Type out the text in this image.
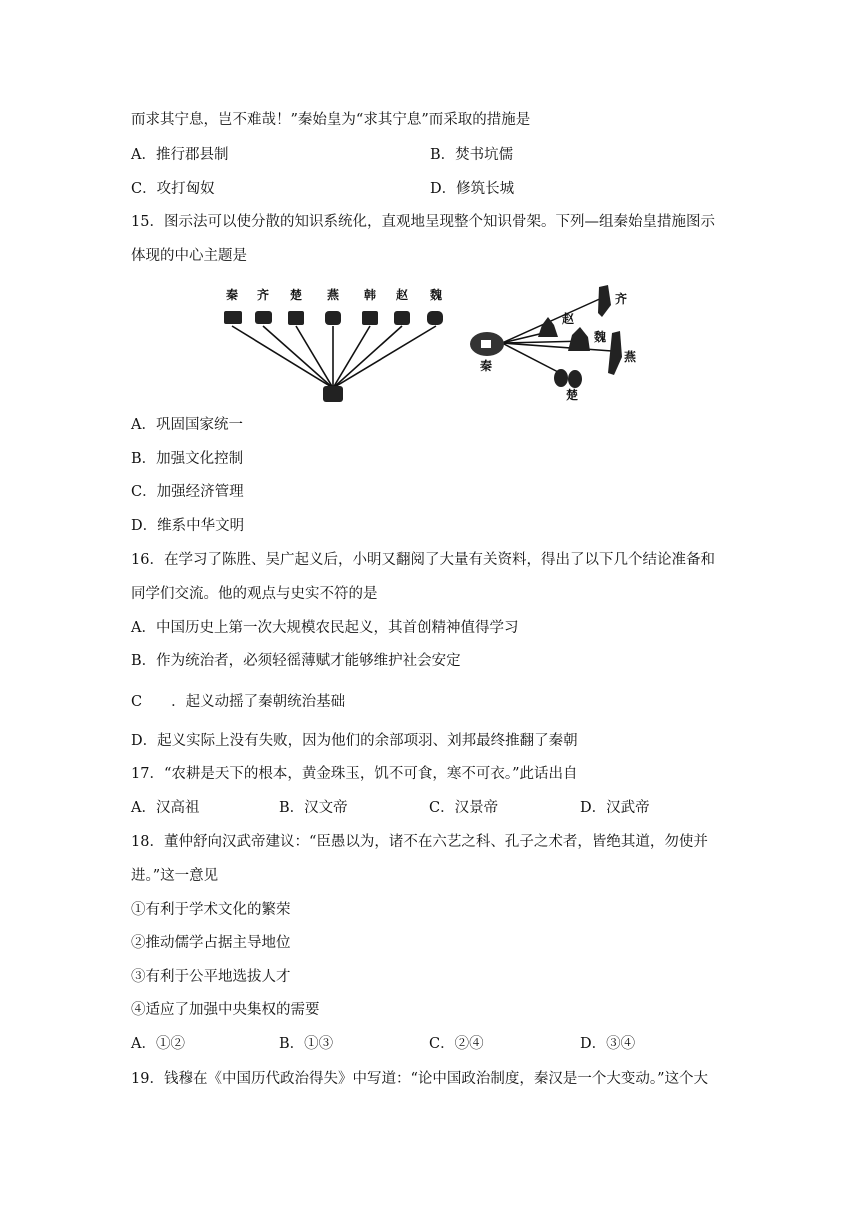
而求其宁息，岂不难哉！”秦始皇为“求其宁息”而采取的措施是
A．推行郡县制	B．焚书坑儒
C．攻打匈奴	D．修筑长城
15．图示法可以使分散的知识系统化，直观地呈现整个知识骨架。下列—组秦始皇措施图示
体现的中心主题是
秦 齐 楚 燕 韩 赵 魏
秦
齐
赵
魏
燕
楚
A．巩固国家统一
B．加强文化控制
C．加强经济管理
D．维系中华文明
16．在学习了陈胜、吴广起义后，小明又翻阅了大量有关资料，得出了以下几个结论准备和
同学们交流。他的观点与史实不符的是
A．中国历史上第一次大规模农民起义，其首创精神值得学习
B．作为统治者，必须轻徭薄赋才能够维护社会安定
C　　．起义动摇了秦朝统治基础
D．起义实际上没有失败，因为他们的余部项羽、刘邦最终推翻了秦朝
17．“农耕是天下的根本，黄金珠玉，饥不可食，寒不可衣。”此话出自
A．汉高祖	B．汉文帝	C．汉景帝	D．汉武帝
18．董仲舒向汉武帝建议：“臣愚以为，诸不在六艺之科、孔子之术者，皆绝其道，勿使并
进。”这一意见
①有利于学术文化的繁荣
②推动儒学占据主导地位
③有利于公平地选拔人才
④适应了加强中央集权的需要
A．①②	B．①③	C．②④	D．③④
19．钱穆在《中国历代政治得失》中写道：“论中国政治制度，秦汉是一个大变动。”这个大
